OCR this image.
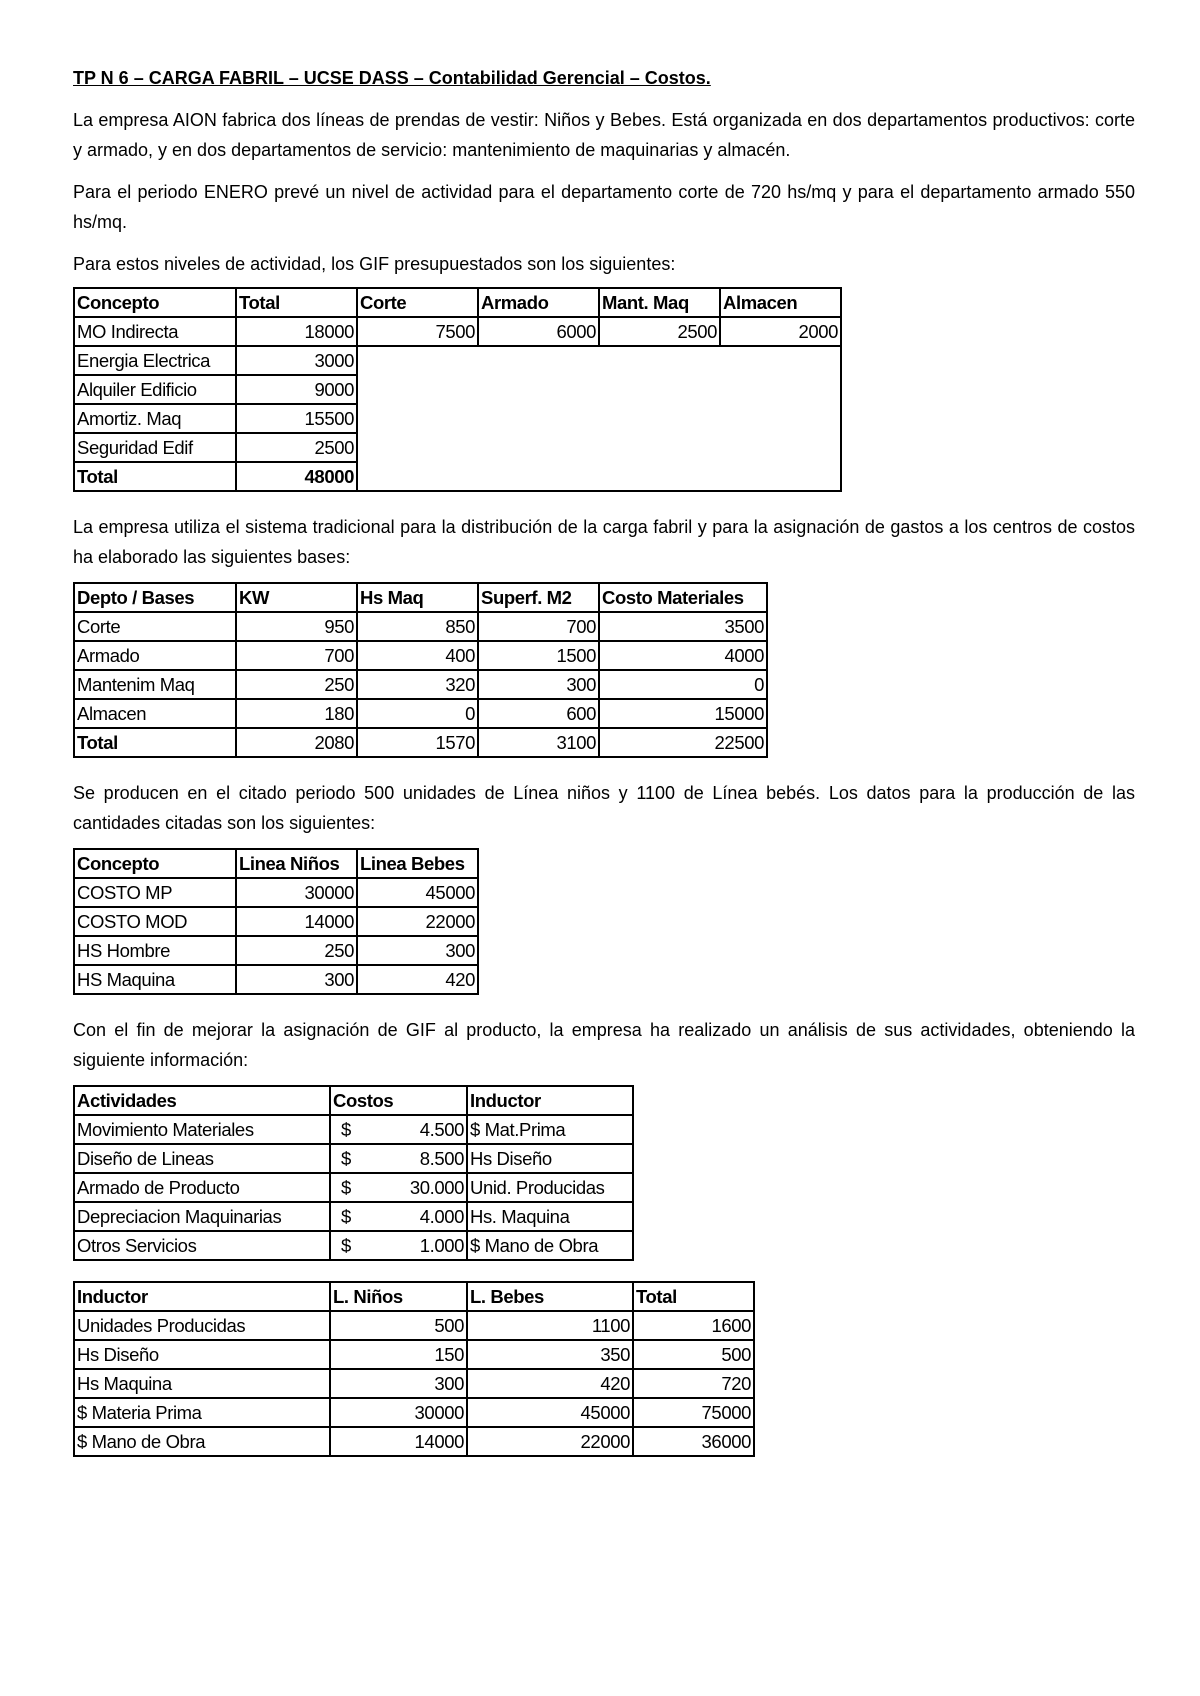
TP N 6 – CARGA FABRIL – UCSE DASS – Contabilidad Gerencial – Costos.

La empresa AION fabrica dos líneas de prendas de vestir: Niños y Bebes. Está organizada en dos departamentos productivos: corte y armado, y en dos departamentos de servicio: mantenimiento de maquinarias y almacén.

Para el periodo ENERO prevé un nivel de actividad para el departamento corte de 720 hs/mq y para el departamento armado 550 hs/mq.

Para estos niveles de actividad, los GIF presupuestados son los siguientes:

Concepto	Total	Corte	Armado	Mant. Maq	Almacen
MO Indirecta	18000	7500	6000	2500	2000
Energia Electrica	3000				
Alquiler Edificio	9000				
Amortiz. Maq	15500				
Seguridad Edif	2500				
Total	48000				

La empresa utiliza el sistema tradicional para la distribución de la carga fabril y para la asignación de gastos a los centros de costos ha elaborado las siguientes bases:

Depto / Bases	KW	Hs Maq	Superf. M2	Costo Materiales
Corte	950	850	700	3500
Armado	700	400	1500	4000
Mantenim Maq	250	320	300	0
Almacen	180	0	600	15000
Total	2080	1570	3100	22500

Se producen en el citado periodo 500 unidades de Línea niños y 1100 de Línea bebés. Los datos para la producción de las cantidades citadas son los siguientes:

Concepto	Linea Niños	Linea Bebes
COSTO MP	30000	45000
COSTO MOD	14000	22000
HS Hombre	250	300
HS Maquina	300	420

Con el fin de mejorar la asignación de GIF al producto, la empresa ha realizado un análisis de sus actividades, obteniendo la siguiente información:

Actividades	Costos	Inductor
Movimiento Materiales	$ 4.500	$ Mat.Prima
Diseño de Lineas	$ 8.500	Hs Diseño
Armado de Producto	$ 30.000	Unid. Producidas
Depreciacion Maquinarias	$ 4.000	Hs. Maquina
Otros Servicios	$ 1.000	$ Mano de Obra
Inductor	L. Niños	L. Bebes	Total
Unidades Producidas	500	1100	1600
Hs Diseño	150	350	500
Hs Maquina	300	420	720
$ Materia Prima	30000	45000	75000
$ Mano de Obra	14000	22000	36000
